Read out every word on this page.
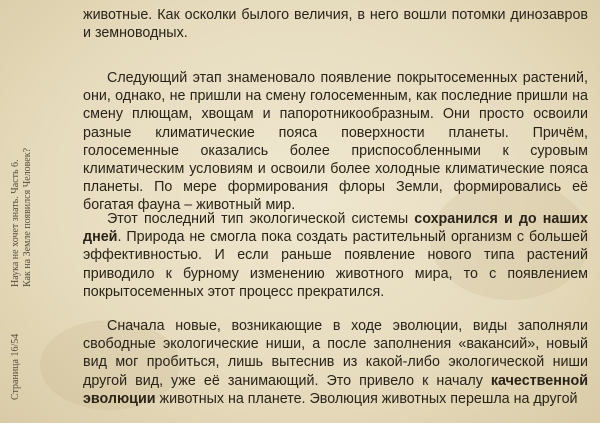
Наука не хочет знать. Часть 6. Как на Земле появился Человек?
Страница 16/54

животные. Как осколки былого величия, в него вошли потомки динозавров и земноводных.

Следующий этап знаменовало появление покрытосеменных растений, они, однако, не пришли на смену голосеменным, как последние пришли на смену плющам, хвощам и папоротникообразным. Они просто освоили разные климатические пояса поверхности планеты. Причём, голосеменные оказались более приспособленными к суровым климатическим условиям и освоили более холодные климатические пояса планеты. По мере формирования флоры Земли, формировались её богатая фауна – животный мир.

Этот последний тип экологической системы сохранился и до наших дней. Природа не смогла пока создать растительный организм с большей эффективностью. И если раньше появление нового типа растений приводило к бурному изменению животного мира, то с появлением покрытосеменных этот процесс прекратился.

Сначала новые, возникающие в ходе эволюции, виды заполняли свободные экологические ниши, а после заполнения «вакансий», новый вид мог пробиться, лишь вытеснив из какой-либо экологической ниши другой вид, уже её занимающий. Это привело к началу качественной эволюции животных на планете. Эволюция животных перешла на другой
